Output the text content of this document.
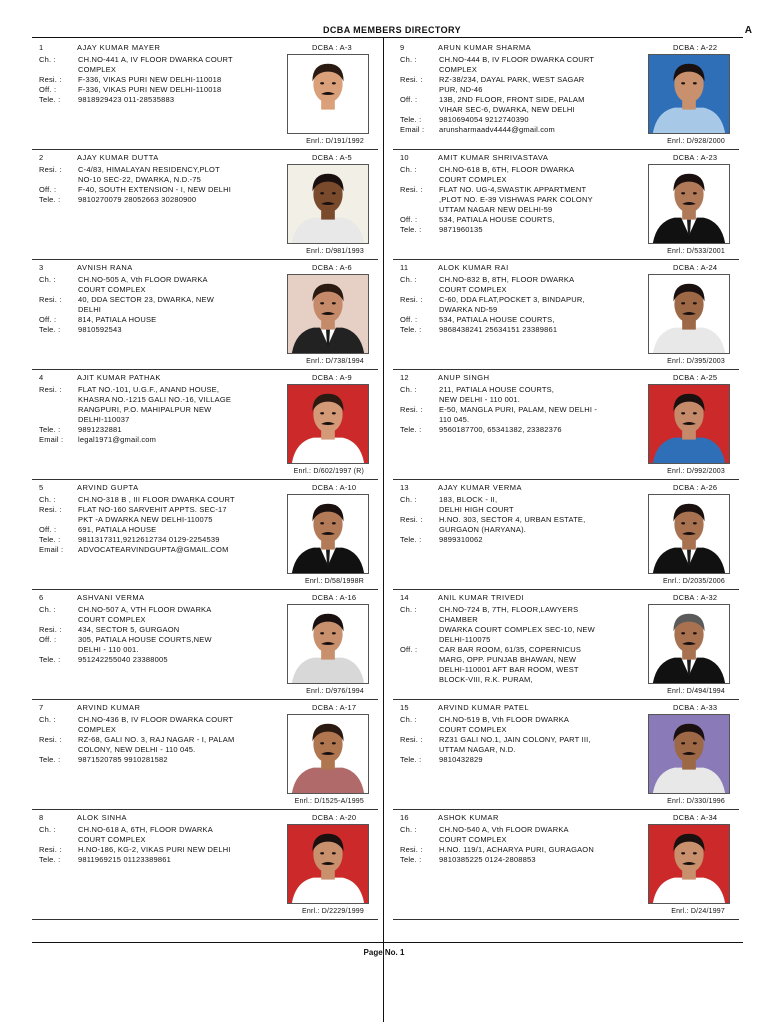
DCBA MEMBERS DIRECTORY	A
1	AJAY KUMAR MAYER	DCBA : A-3
Ch. :	CH.NO-441 A, IV FLOOR DWARKA COURT
COMPLEX
Resi. :	F-336, VIKAS PURI NEW DELHI-110018
Off. :	F-336, VIKAS PURI NEW DELHI-110018
Tele. :	9818929423 011-28535883
Enrl.: D/191/1992
2	AJAY KUMAR DUTTA	DCBA : A-5
Resi. :	C-4/83, HIMALAYAN RESIDENCY,PLOT
NO-10 SEC-22, DWARKA, N.D.-75
Off. :	F-40, SOUTH EXTENSION - I, NEW DELHI
Tele. :	9810270079 28052663 30280900
Enrl.: D/981/1993
3	AVNISH RANA	DCBA : A-6
Ch. :	CH.NO-505 A, Vth FLOOR DWARKA
COURT COMPLEX
Resi. :	40, DDA SECTOR 23, DWARKA, NEW
DELHI
Off. :	814, PATIALA HOUSE
Tele. :	9810592543
Enrl.: D/738/1994
4	AJIT KUMAR PATHAK	DCBA : A-9
Resi. :	FLAT NO.-101, U.G.F., ANAND HOUSE,
KHASRA NO.-1215 GALI NO.-16, VILLAGE
RANGPURI, P.O. MAHIPALPUR NEW
DELHI-110037
Tele. :	9891232881
Email :	legal1971@gmail.com
Enrl.: D/602/1997 (R)
5	ARVIND GUPTA	DCBA : A-10
Ch. :	CH.NO-318 B , III FLOOR DWARKA COURT
Resi. :	FLAT NO-160 SARVEHIT APPTS. SEC-17
PKT -A DWARKA NEW DELHI-110075
Off. :	691, PATIALA HOUSE
Tele. :	9811317311,9212612734 0129-2254539
Email :	ADVOCATEARVINDGUPTA@GMAIL.COM
Enrl.: D/58/1998R
6	ASHVANI VERMA	DCBA : A-16
Ch. :	CH.NO-507 A, VTH FLOOR DWARKA
COURT COMPLEX
Resi. :	434, SECTOR 5, GURGAON
Off. :	305, PATIALA HOUSE COURTS,NEW
DELHI - 110 001.
Tele. :	951242255040 23388005
Enrl.: D/976/1994
7	ARVIND KUMAR	DCBA : A-17
Ch. :	CH.NO-436 B, IV FLOOR DWARKA COURT
COMPLEX
Resi. :	RZ-68, GALI NO. 3, RAJ NAGAR - I, PALAM
COLONY, NEW DELHI - 110 045.
Tele. :	9871520785 9910281582
Enrl.: D/1525-A/1995
8	ALOK SINHA	DCBA : A-20
Ch. :	CH.NO-618 A, 6TH, FLOOR DWARKA
COURT COMPLEX
Resi. :	H.NO-186, KG-2, VIKAS PURI NEW DELHI
Tele. :	9811969215 01123389861
Enrl.: D/2229/1999
9	ARUN KUMAR SHARMA	DCBA : A-22
Ch. :	CH.NO-444 B, IV FLOOR DWARKA COURT
COMPLEX
Resi. :	RZ-38/234, DAYAL PARK, WEST SAGAR
PUR, ND-46
Off. :	13B, 2ND FLOOR, FRONT SIDE, PALAM
VIHAR SEC-6, DWARKA, NEW DELHI
Tele. :	9810694054 9212740390
Email :	arunsharmaadv4444@gmail.com
Enrl.: D/928/2000
10	AMIT KUMAR SHRIVASTAVA	DCBA : A-23
Ch. :	CH.NO-618 B, 6TH, FLOOR DWARKA
COURT COMPLEX
Resi. :	FLAT NO. UG-4,SWASTIK APPARTMENT
,PLOT NO. E-39 VISHWAS PARK COLONY
UTTAM NAGAR NEW DELHI-59
Off. :	534, PATIALA HOUSE COURTS,
Tele. :	9871960135
Enrl.: D/533/2001
11	ALOK KUMAR RAI	DCBA : A-24
Ch. :	CH.NO-832 B, 8TH, FLOOR DWARKA
COURT COMPLEX
Resi. :	C-60, DDA FLAT,POCKET 3, BINDAPUR,
DWARKA ND-59
Off. :	534, PATIALA HOUSE COURTS,
Tele. :	9868438241 25634151 23389861
Enrl.: D/395/2003
12	ANUP SINGH	DCBA : A-25
Ch. :	211, PATIALA HOUSE COURTS,
NEW DELHI - 110 001.
Resi. :	E-50, MANGLA PURI, PALAM, NEW DELHI -
110 045.
Tele. :	9560187700, 65341382, 23382376
Enrl.: D/992/2003
13	AJAY KUMAR VERMA	DCBA : A-26
Ch. :	183, BLOCK - II,
DELHI HIGH COURT
Resi. :	H.NO. 303, SECTOR 4, URBAN ESTATE,
GURGAON (HARYANA).
Tele. :	9899310062
Enrl.: D/2035/2006
14	ANIL KUMAR TRIVEDI	DCBA : A-32
Ch. :	CH.NO-724 B, 7TH, FLOOR,LAWYERS
CHAMBER
DWARKA COURT COMPLEX SEC-10, NEW
DELHI-110075
Off. :	CAR BAR ROOM, 61/35, COPERNICUS
MARG, OPP. PUNJAB BHAWAN, NEW
DELHI-110001 AFT BAR ROOM, WEST
BLOCK-VIII, R.K. PURAM,
Enrl.: D/494/1994
15	ARVIND KUMAR PATEL	DCBA : A-33
Ch. :	CH.NO-519 B, Vth FLOOR DWARKA
COURT COMPLEX
Resi. :	RZ31 GALI NO.1, JAIN COLONY, PART III,
UTTAM NAGAR, N.D.
Tele. :	9810432829
Enrl.: D/330/1996
16	ASHOK KUMAR	DCBA : A-34
Ch. :	CH.NO-540 A, Vth FLOOR DWARKA
COURT COMPLEX
Resi. :	H.NO. 119/1, ACHARYA PURI, GURAGAON
Tele. :	9810385225 0124-2808853
Enrl.: D/24/1997
Page No. 1
